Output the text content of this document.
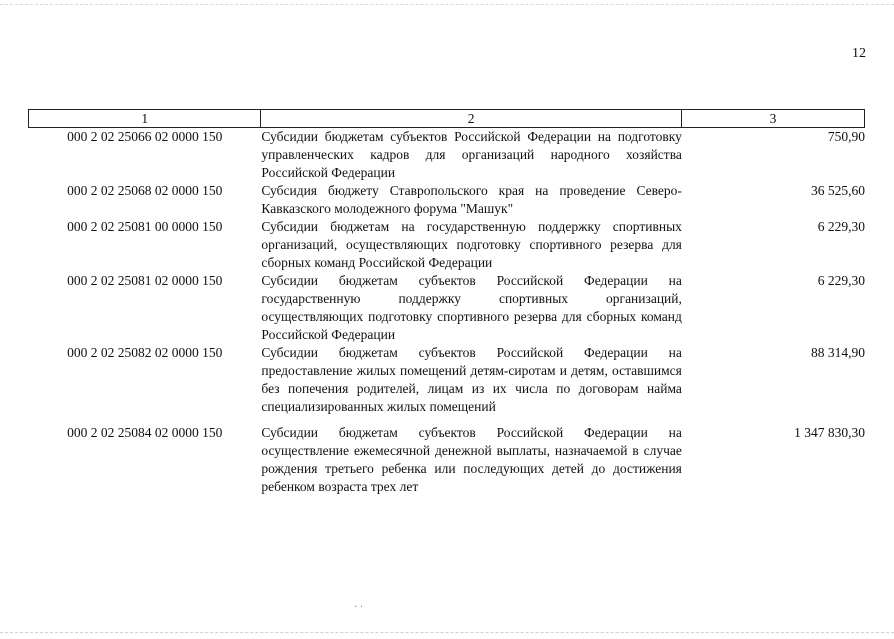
12
1	2	3
000 2 02 25066 02 0000 150	Субсидии бюджетам субъектов Российской Федерации на подготовку управленческих кадров для организаций народного хозяйства Российской Федерации	750,90
000 2 02 25068 02 0000 150	Субсидия бюджету Ставропольского края на проведение Северо-Кавказского молодежного форума "Машук"	36 525,60
000 2 02 25081 00 0000 150	Субсидии бюджетам на государственную поддержку спортивных организаций, осуществляющих подготовку спортивного резерва для сборных команд Российской Федерации	6 229,30
000 2 02 25081 02 0000 150	Субсидии бюджетам субъектов Российской Федерации на государственную поддержку спортивных организаций, осуществляющих подготовку спортивного резерва для сборных команд Российской Федерации	6 229,30
000 2 02 25082 02 0000 150	Субсидии бюджетам субъектов Российской Федерации на предоставление жилых помещений детям-сиротам и детям, оставшимся без попечения родителей, лицам из их числа по договорам найма специализированных жилых помещений	88 314,90
000 2 02 25084 02 0000 150	Субсидии бюджетам субъектов Российской Федерации на осуществление ежемесячной денежной выплаты, назначаемой в случае рождения третьего ребенка или последующих детей до достижения ребенком возраста трех лет	1 347 830,30
· ·
